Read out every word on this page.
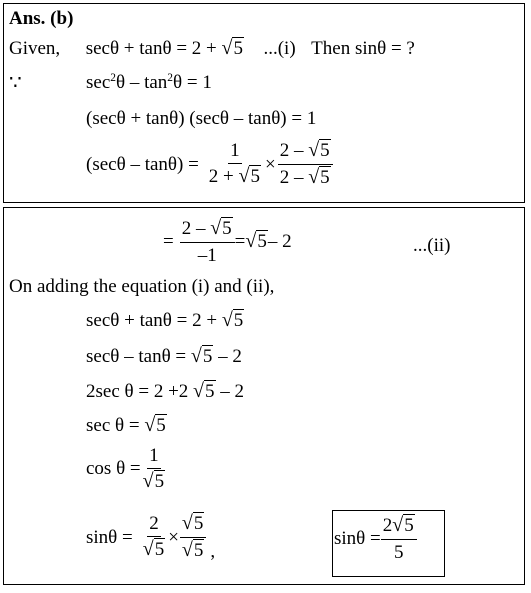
Ans. (b)
Given, secθ + tanθ = 2 + √5 ...(i) Then sinθ = ?
∵	$\sec^2\theta - \tan^2\theta = 1$
(secθ + tanθ) (secθ – tanθ) = 1
$(\sec\theta - \tan\theta) = \frac{1}{2 + √5} \times \frac{2 - √5}{2 - √5}$
= $\frac{2 - √5}{-1} = √5 - 2$	...(ii)
On adding the equation (i) and (ii),
secθ + tanθ = 2 + √5
secθ – tanθ = √5 – 2
2sec θ = 2 +2 √5 – 2
sec θ = √5
$\cos \theta = \frac{1}{√5}$
$\sin\theta = \frac{2}{√5} \times \frac{√5}{√5}$ ,
$\sin\theta = \frac{2√5}{5}$
